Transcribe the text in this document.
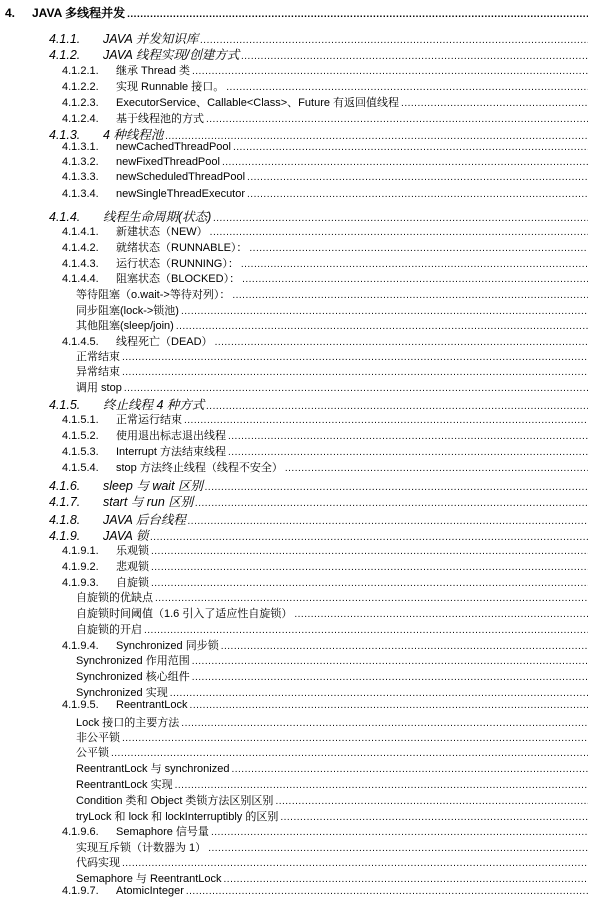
4.	JAVA 多线程并发
.....
4.1.1.	JAVA 并发知识库
.....
4.1.2.	JAVA 线程实现/创建方式
.....
4.1.2.1.	继承 Thread 类
.....
4.1.2.2.	实现 Runnable 接口。
.....
4.1.2.3.	ExecutorService、Callable<Class>、Future 有返回值线程
.....
4.1.2.4.	基于线程池的方式
.....
4.1.3.	4 种线程池
.....
4.1.3.1.	newCachedThreadPool
.....
4.1.3.2.	newFixedThreadPool
.....
4.1.3.3.	newScheduledThreadPool
.....
4.1.3.4.	newSingleThreadExecutor
.....
4.1.4.	线程生命周期(状态)
.....
4.1.4.1.	新建状态（NEW）
.....
4.1.4.2.	就绪状态（RUNNABLE）：
.....
4.1.4.3.	运行状态（RUNNING）：
.....
4.1.4.4.	阻塞状态（BLOCKED）：
.....
等待阻塞（o.wait->等待对列）：
.....
同步阻塞(lock->锁池)
.....
其他阻塞(sleep/join)
.....
4.1.4.5.	线程死亡（DEAD）
.....
正常结束
.....
异常结束
.....
调用 stop
.....
4.1.5.	终止线程 4 种方式
.....
4.1.5.1.	正常运行结束
.....
4.1.5.2.	使用退出标志退出线程
.....
4.1.5.3.	Interrupt 方法结束线程
.....
4.1.5.4.	stop 方法终止线程（线程不安全）
.....
4.1.6.	sleep 与 wait 区别
.....
4.1.7.	start 与 run 区别
.....
4.1.8.	JAVA 后台线程
.....
4.1.9.	JAVA 锁
.....
4.1.9.1.	乐观锁
.....
4.1.9.2.	悲观锁
.....
4.1.9.3.	自旋锁
.....
自旋锁的优缺点
.....
自旋锁时间阈值（1.6 引入了适应性自旋锁）
.....
自旋锁的开启
.....
4.1.9.4.	Synchronized 同步锁
.....
Synchronized 作用范围
.....
Synchronized 核心组件
.....
Synchronized 实现
.....
4.1.9.5.	ReentrantLock
.....
Lock 接口的主要方法
.....
非公平锁
.....
公平锁
.....
ReentrantLock 与 synchronized
.....
ReentrantLock 实现
.....
Condition 类和 Object 类锁方法区别区别
.....
tryLock 和 lock 和 lockInterruptibly 的区别
.....
4.1.9.6.	Semaphore 信号量
.....
实现互斥锁（计数器为 1）
.....
代码实现
.....
Semaphore 与 ReentrantLock
.....
4.1.9.7.	AtomicInteger
.....
